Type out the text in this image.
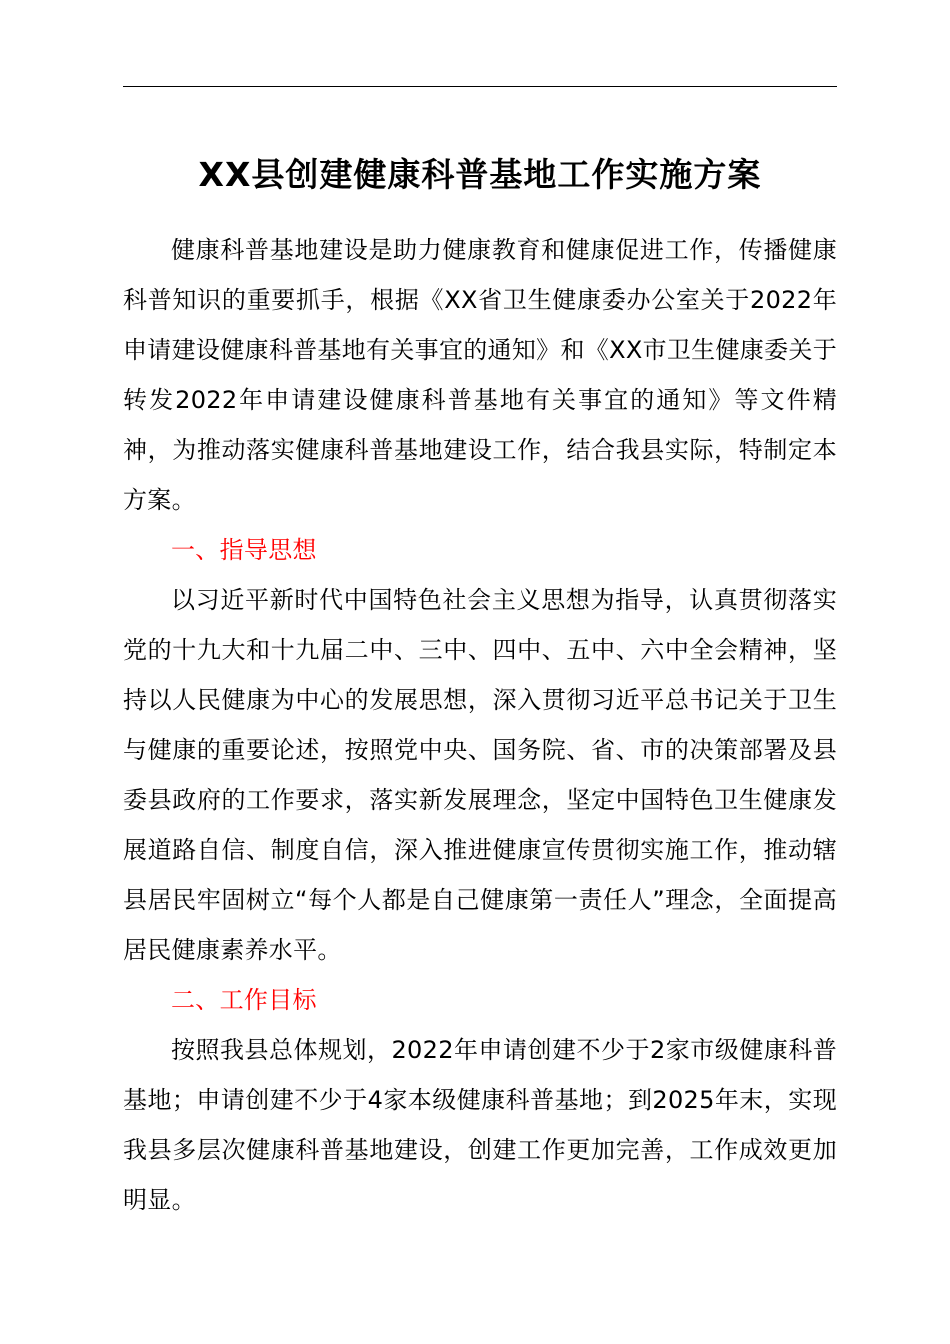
XX县创建健康科普基地工作实施方案

健康科普基地建设是助力健康教育和健康促进工作，传播健康科普知识的重要抓手，根据《XX省卫生健康委办公室关于2022年申请建设健康科普基地有关事宜的通知》和《XX市卫生健康委关于转发2022年申请建设健康科普基地有关事宜的通知》等文件精神，为推动落实健康科普基地建设工作，结合我县实际，特制定本方案。

一、指导思想

以习近平新时代中国特色社会主义思想为指导，认真贯彻落实党的十九大和十九届二中、三中、四中、五中、六中全会精神，坚持以人民健康为中心的发展思想，深入贯彻习近平总书记关于卫生与健康的重要论述，按照党中央、国务院、省、市的决策部署及县委县政府的工作要求，落实新发展理念，坚定中国特色卫生健康发展道路自信、制度自信，深入推进健康宣传贯彻实施工作，推动辖县居民牢固树立“每个人都是自己健康第一责任人”理念，全面提高居民健康素养水平。

二、工作目标

按照我县总体规划，2022年申请创建不少于2家市级健康科普基地；申请创建不少于4家本级健康科普基地；到2025年末，实现我县多层次健康科普基地建设，创建工作更加完善，工作成效更加明显。
